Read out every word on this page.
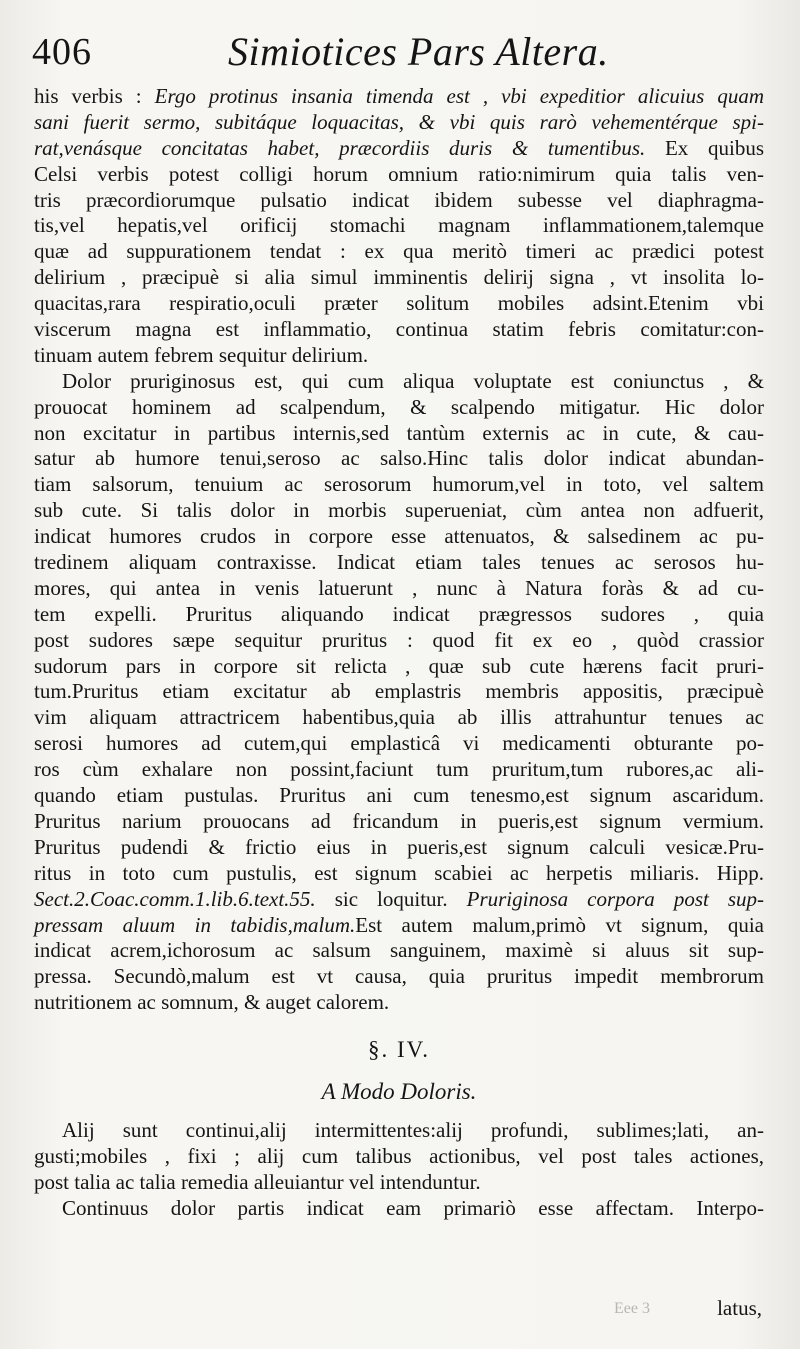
406	Simiotices Pars Altera.
his verbis : Ergo protinus insania timenda est , vbi expeditior alicuius quam
sani fuerit sermo, subitáque loquacitas, & vbi quis rarò vehementérque spi-
rat,venásque concitatas habet, præcordiis duris & tumentibus. Ex quibus
Celsi verbis potest colligi horum omnium ratio:nimirum quia talis ven-
tris præcordiorumque pulsatio indicat ibidem subesse vel diaphragma-
tis,vel hepatis,vel orificij stomachi magnam inflammationem,talemque
quæ ad suppurationem tendat : ex qua meritò timeri ac prædici potest
delirium , præcipuè si alia simul imminentis delirij signa , vt insolita lo-
quacitas,rara respiratio,oculi præter solitum mobiles adsint.Etenim vbi
viscerum magna est inflammatio, continua statim febris comitatur:con-
tinuam autem febrem sequitur delirium.
Dolor pruriginosus est, qui cum aliqua voluptate est coniunctus , &
prouocat hominem ad scalpendum, & scalpendo mitigatur. Hic dolor
non excitatur in partibus internis,sed tantùm externis ac in cute, & cau-
satur ab humore tenui,seroso ac salso.Hinc talis dolor indicat abundan-
tiam salsorum, tenuium ac serosorum humorum,vel in toto, vel saltem
sub cute. Si talis dolor in morbis superueniat, cùm antea non adfuerit,
indicat humores crudos in corpore esse attenuatos, & salsedinem ac pu-
tredinem aliquam contraxisse. Indicat etiam tales tenues ac serosos hu-
mores, qui antea in venis latuerunt , nunc à Natura foràs & ad cu-
tem expelli. Pruritus aliquando indicat prægressos sudores , quia
post sudores sæpe sequitur pruritus : quod fit ex eo , quòd crassior
sudorum pars in corpore sit relicta , quæ sub cute hærens facit pruri-
tum.Pruritus etiam excitatur ab emplastris membris appositis, præcipuè
vim aliquam attractricem habentibus,quia ab illis attrahuntur tenues ac
serosi humores ad cutem,qui emplasticâ vi medicamenti obturante po-
ros cùm exhalare non possint,faciunt tum pruritum,tum rubores,ac ali-
quando etiam pustulas. Pruritus ani cum tenesmo,est signum ascaridum.
Pruritus narium prouocans ad fricandum in pueris,est signum vermium.
Pruritus pudendi & frictio eius in pueris,est signum calculi vesicæ.Pru-
ritus in toto cum pustulis, est signum scabiei ac herpetis miliaris. Hipp.
Sect.2.Coac.comm.1.lib.6.text.55. sic loquitur. Pruriginosa corpora post sup-
pressam aluum in tabidis,malum.Est autem malum,primò vt signum, quia
indicat acrem,ichorosum ac salsum sanguinem, maximè si aluus sit sup-
pressa. Secundò,malum est vt causa, quia pruritus impedit membrorum
nutritionem ac somnum, & auget calorem.
§. IV.
A Modo Doloris.
Alij sunt continui,alij intermittentes:alij profundi, sublimes;lati, an-
gusti;mobiles , fixi ; alij cum talibus actionibus, vel post tales actiones,
post talia ac talia remedia alleuiantur vel intenduntur.
Continuus dolor partis indicat eam primariò esse affectam. Interpo-
Eee 3	latus,
